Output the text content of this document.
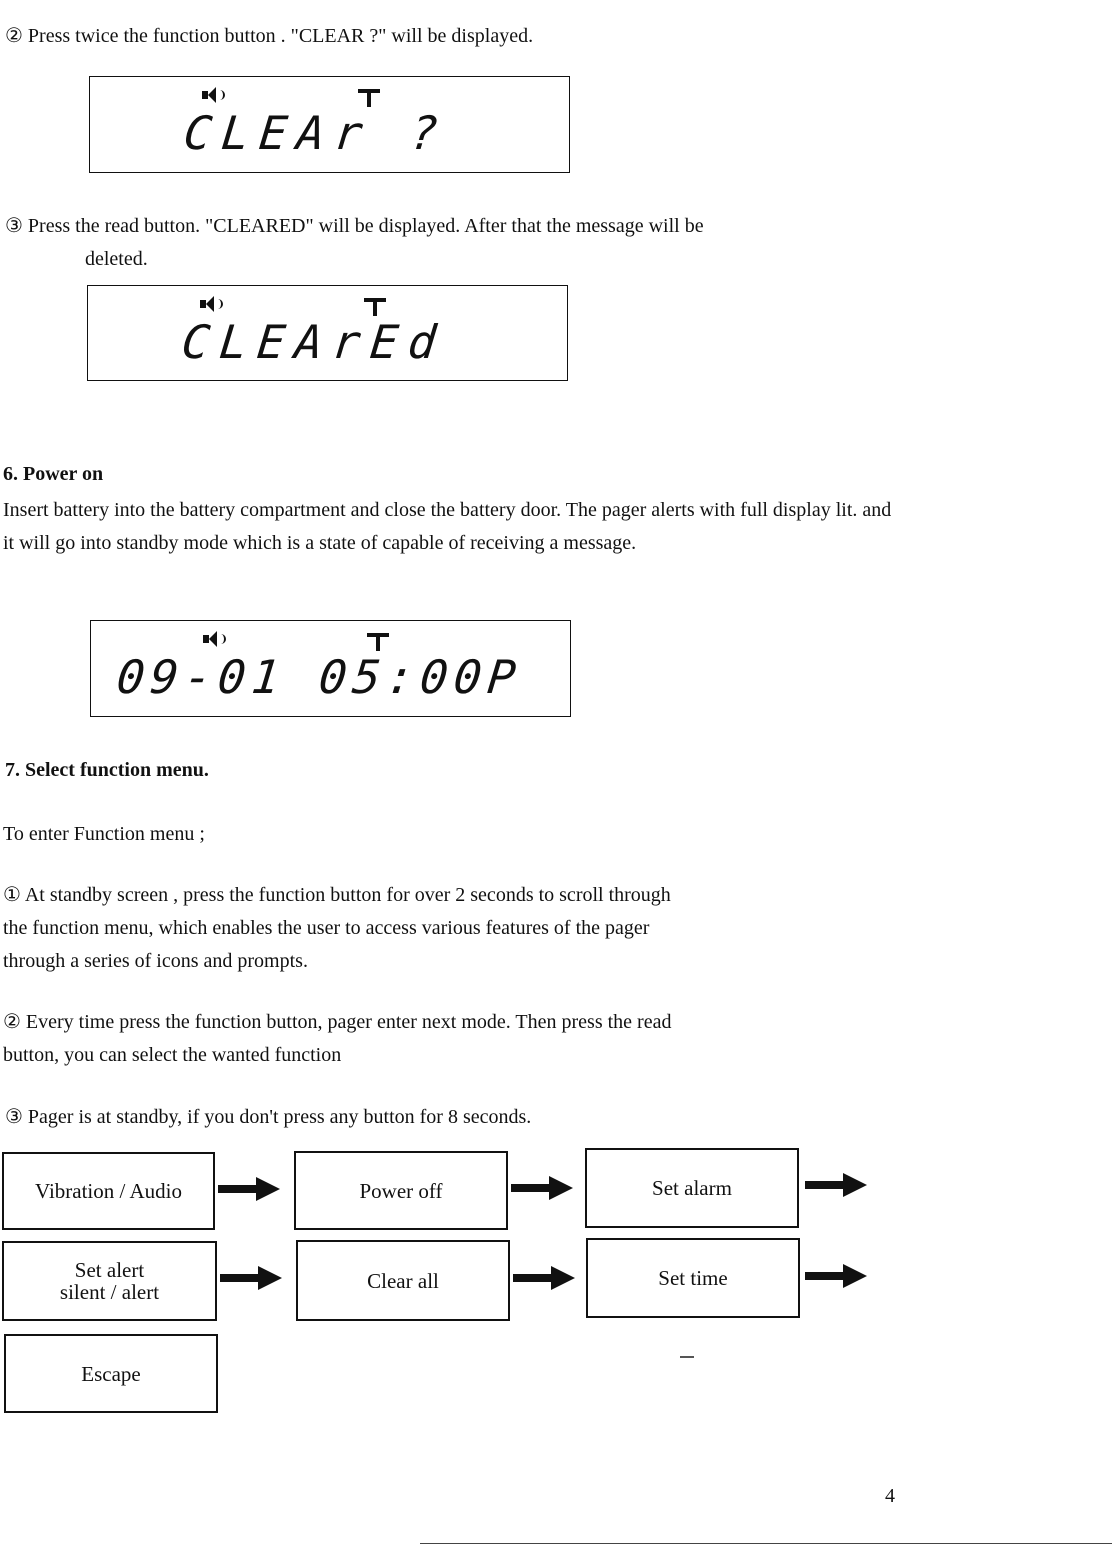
② Press twice the function button . "CLEAR ?" will be displayed.
CLEAr ?
③ Press the read button. "CLEARED" will be displayed. After that the message will be
deleted.
CLEArEd
6. Power on
Insert battery into the battery compartment and close the battery door. The pager alerts with full display lit. and it will go into standby mode which is a state of capable of receiving a message.
09-01 05:00P
7. Select function menu.
To enter Function menu ;
① At standby screen , press the function button for over 2 seconds to scroll through
the function menu, which enables the user to access various features of the pager
through a series of icons and prompts.
② Every time press the function button, pager enter next mode. Then press the read
button, you can select the wanted function
③ Pager is at standby, if you don't press any button for 8 seconds.
Vibration / Audio	Power off	Set alarm
Set alert
silent / alert	Clear all	Set time
Escape
4
